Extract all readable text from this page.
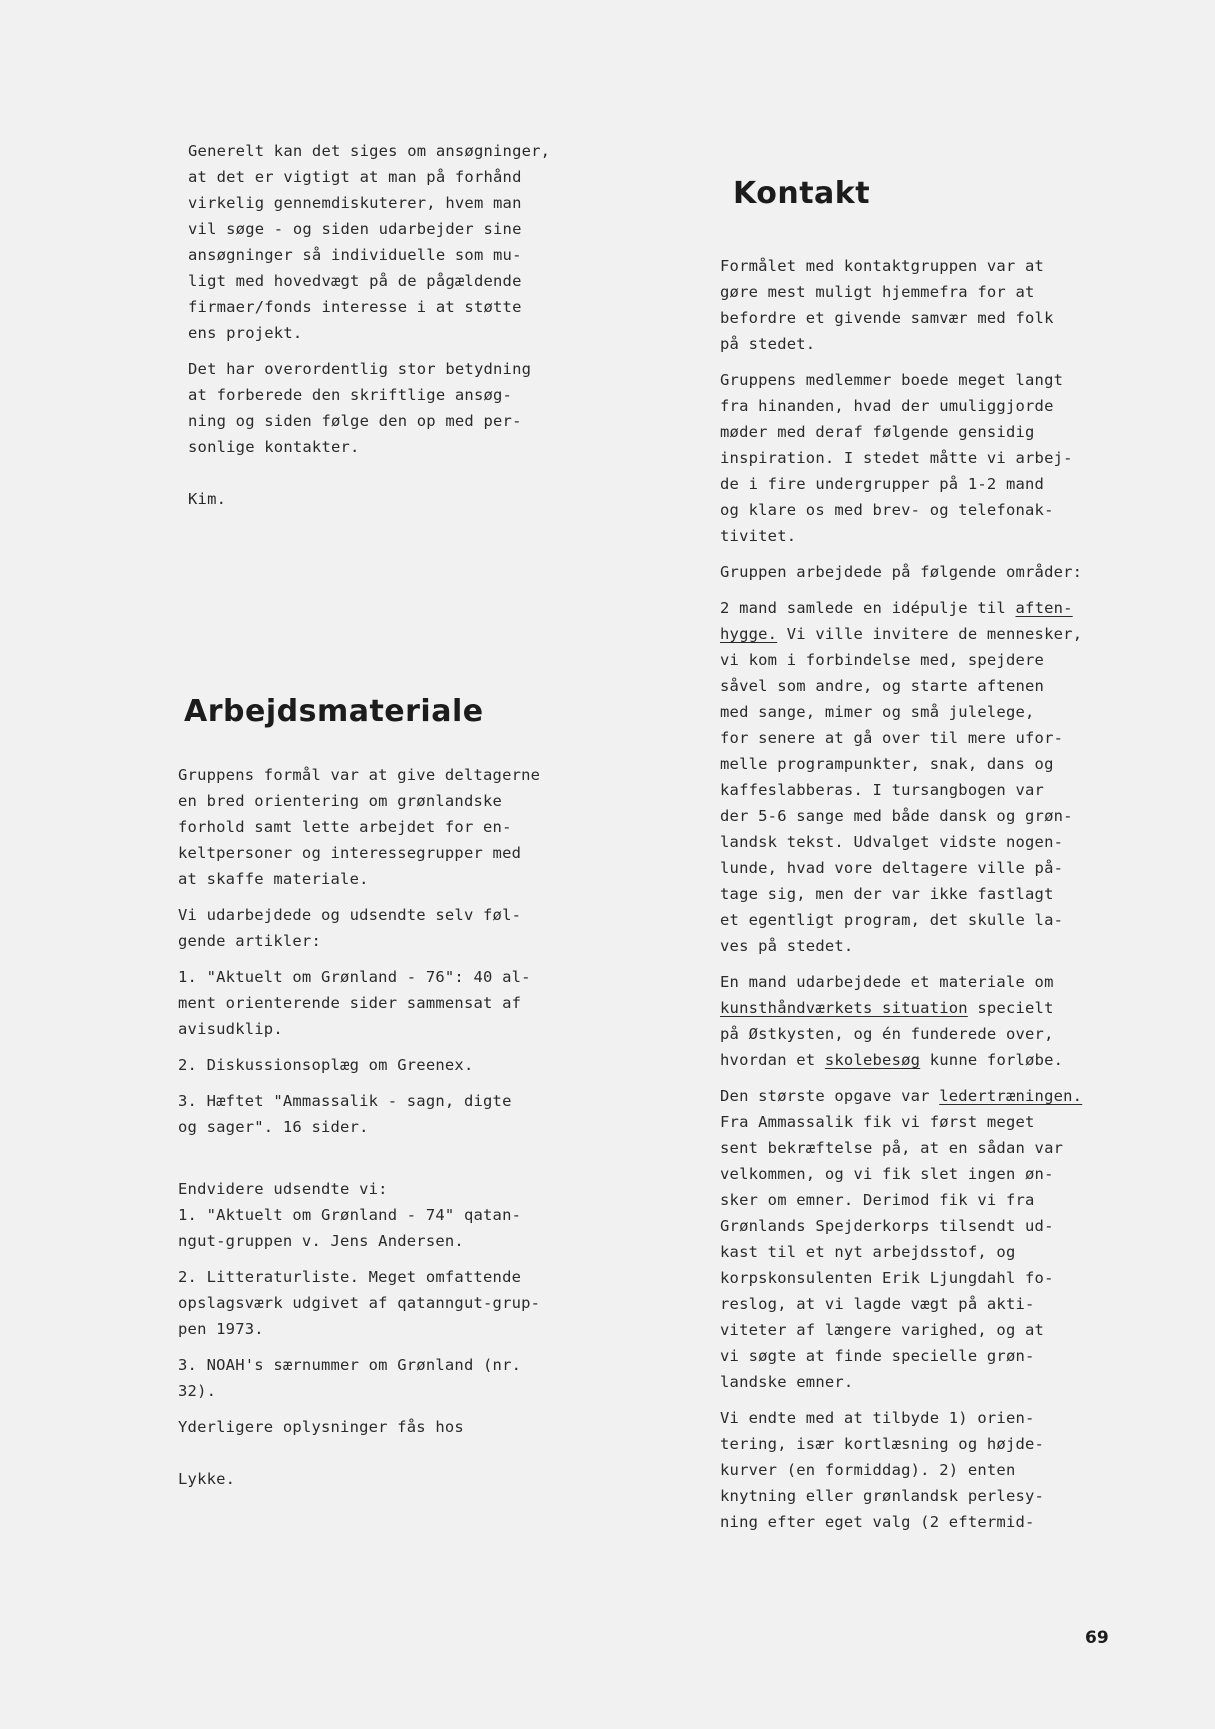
Generelt kan det siges om ansøgninger,
at det er vigtigt at man på forhånd
virkelig gennemdiskuterer, hvem man
vil søge - og siden udarbejder sine
ansøgninger så individuelle som mu-
ligt med hovedvægt på de pågældende
firmaer/fonds interesse i at støtte
ens projekt.

Det har overordentlig stor betydning
at forberede den skriftlige ansøg-
ning og siden følge den op med per-
sonlige kontakter.

Kim.

Arbejdsmateriale

Gruppens formål var at give deltagerne
en bred orientering om grønlandske
forhold samt lette arbejdet for en-
keltpersoner og interessegrupper med
at skaffe materiale.

Vi udarbejdede og udsendte selv føl-
gende artikler:

1. "Aktuelt om Grønland - 76": 40 al-
ment orienterende sider sammensat af
avisudklip.

2. Diskussionsoplæg om Greenex.

3. Hæftet "Ammassalik - sagn, digte
og sager". 16 sider.

Endvidere udsendte vi:
1. "Aktuelt om Grønland - 74" qatan-
ngut-gruppen v. Jens Andersen.

2. Litteraturliste. Meget omfattende
opslagsværk udgivet af qatanngut-grup-
pen 1973.

3. NOAH's særnummer om Grønland (nr.
32).

Yderligere oplysninger fås hos

Lykke.

Kontakt

Formålet med kontaktgruppen var at
gøre mest muligt hjemmefra for at
befordre et givende samvær med folk
på stedet.

Gruppens medlemmer boede meget langt
fra hinanden, hvad der umuliggjorde
møder med deraf følgende gensidig
inspiration. I stedet måtte vi arbej-
de i fire undergrupper på 1-2 mand
og klare os med brev- og telefonak-
tivitet.

Gruppen arbejdede på følgende områder:

2 mand samlede en idépulje til aften-
hygge. Vi ville invitere de mennesker,
vi kom i forbindelse med, spejdere
såvel som andre, og starte aftenen
med sange, mimer og små julelege,
for senere at gå over til mere ufor-
melle programpunkter, snak, dans og
kaffeslabberas. I tursangbogen var
der 5-6 sange med både dansk og grøn-
landsk tekst. Udvalget vidste nogen-
lunde, hvad vore deltagere ville på-
tage sig, men der var ikke fastlagt
et egentligt program, det skulle la-
ves på stedet.

En mand udarbejdede et materiale om
kunsthåndværkets situation specielt
på Østkysten, og én funderede over,
hvordan et skolebesøg kunne forløbe.

Den største opgave var ledertræningen.
Fra Ammassalik fik vi først meget
sent bekræftelse på, at en sådan var
velkommen, og vi fik slet ingen øn-
sker om emner. Derimod fik vi fra
Grønlands Spejderkorps tilsendt ud-
kast til et nyt arbejdsstof, og
korpskonsulenten Erik Ljungdahl fo-
reslog, at vi lagde vægt på akti-
viteter af længere varighed, og at
vi søgte at finde specielle grøn-
landske emner.

Vi endte med at tilbyde 1) orien-
tering, især kortlæsning og højde-
kurver (en formiddag). 2) enten
knytning eller grønlandsk perlesy-
ning efter eget valg (2 eftermid-

69
